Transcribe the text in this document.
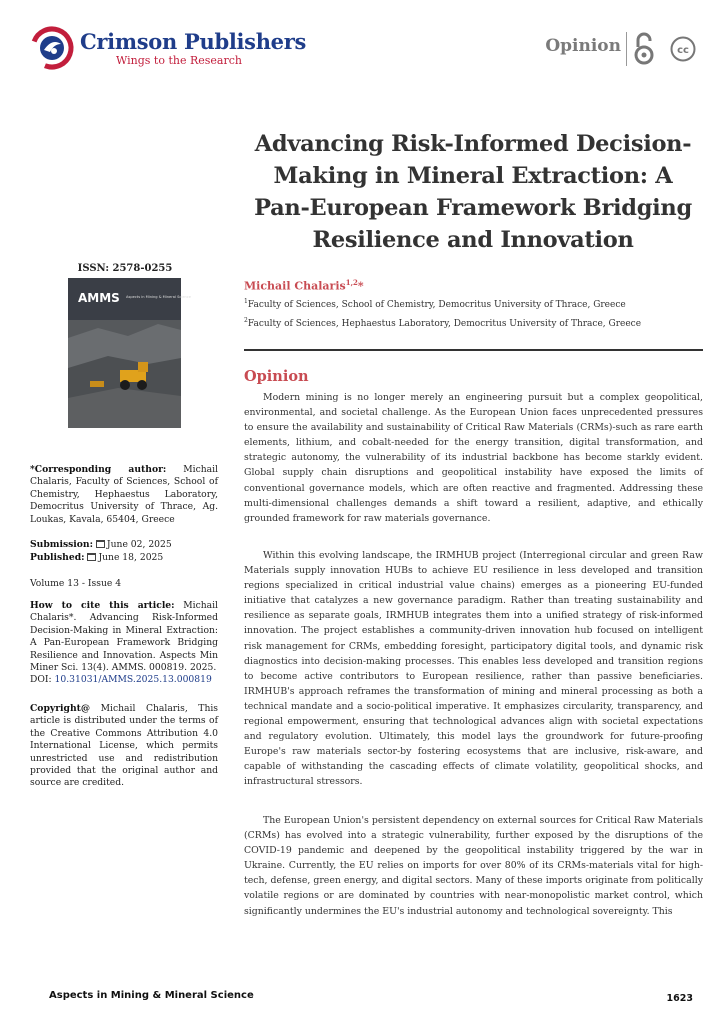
Crimson Publishers
Wings to the Research
Opinion	cc
Advancing Risk-Informed Decision-Making in Mineral Extraction: A Pan-European Framework Bridging Resilience and Innovation
Michail Chalaris$^{1,2}$*
$^1$Faculty of Sciences, School of Chemistry, Democritus University of Thrace, Greece
$^2$Faculty of Sciences, Hephaestus Laboratory, Democritus University of Thrace, Greece
ISSN: 2578-0255
AMMS Aspects in Mining & Mineral Science
*Corresponding author: Michail Chalaris, Faculty of Sciences, School of Chemistry, Hephaestus Laboratory, Democritus University of Thrace, Ag. Loukas, Kavala, 65404, Greece
Submission: June 02, 2025
Published: June 18, 2025
Volume 13 - Issue 4
How to cite this article: Michail Chalaris*. Advancing Risk-Informed Decision-Making in Mineral Extraction: A Pan-European Framework Bridging Resilience and Innovation. Aspects Min Miner Sci. 13(4). AMMS. 000819. 2025.
DOI: 10.31031/AMMS.2025.13.000819
Copyright@ Michail Chalaris, This article is distributed under the terms of the Creative Commons Attribution 4.0 International License, which permits unrestricted use and redistribution provided that the original author and source are credited.
Opinion

Modern mining is no longer merely an engineering pursuit but a complex geopolitical, environmental, and societal challenge. As the European Union faces unprecedented pressures to ensure the availability and sustainability of Critical Raw Materials (CRMs)-such as rare earth elements, lithium, and cobalt-needed for the energy transition, digital transformation, and strategic autonomy, the vulnerability of its industrial backbone has become starkly evident. Global supply chain disruptions and geopolitical instability have exposed the limits of conventional governance models, which are often reactive and fragmented. Addressing these multi-dimensional challenges demands a shift toward a resilient, adaptive, and ethically grounded framework for raw materials governance.

Within this evolving landscape, the IRMHUB project (Interregional circular and green Raw Materials supply innovation HUBs to achieve EU resilience in less developed and transition regions specialized in critical industrial value chains) emerges as a pioneering EU-funded initiative that catalyzes a new governance paradigm. Rather than treating sustainability and resilience as separate goals, IRMHUB integrates them into a unified strategy of risk-informed innovation. The project establishes a community-driven innovation hub focused on intelligent risk management for CRMs, embedding foresight, participatory digital tools, and dynamic risk diagnostics into decision-making processes. This enables less developed and transition regions to become active contributors to European resilience, rather than passive beneficiaries. IRMHUB's approach reframes the transformation of mining and mineral processing as both a technical mandate and a socio-political imperative. It emphasizes circularity, transparency, and regional empowerment, ensuring that technological advances align with societal expectations and regulatory evolution. Ultimately, this model lays the groundwork for future-proofing Europe's raw materials sector-by fostering ecosystems that are inclusive, risk-aware, and capable of withstanding the cascading effects of climate volatility, geopolitical shocks, and infrastructural stressors.

The European Union's persistent dependency on external sources for Critical Raw Materials (CRMs) has evolved into a strategic vulnerability, further exposed by the disruptions of the COVID-19 pandemic and deepened by the geopolitical instability triggered by the war in Ukraine. Currently, the EU relies on imports for over 80% of its CRMs-materials vital for high-tech, defense, green energy, and digital sectors. Many of these imports originate from politically volatile regions or are dominated by countries with near-monopolistic market control, which significantly undermines the EU's industrial autonomy and technological sovereignty. This

Aspects in Mining & Mineral Science	1623
